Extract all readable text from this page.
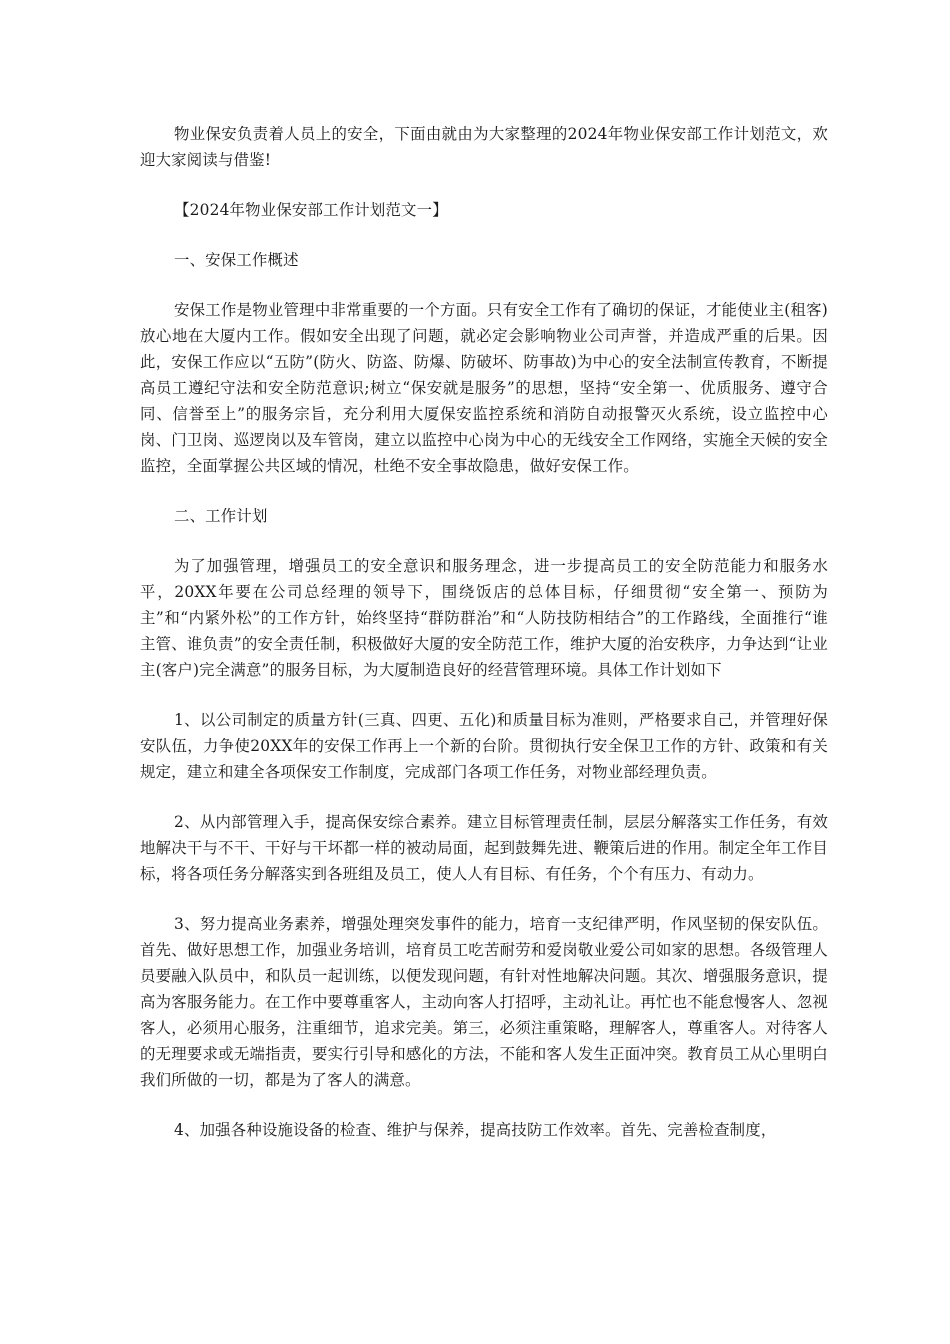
物业保安负责着人员上的安全，下面由就由为大家整理的2024年物业保安部工作计划范文，欢迎大家阅读与借鉴!

【2024年物业保安部工作计划范文一】

一、安保工作概述

安保工作是物业管理中非常重要的一个方面。只有安全工作有了确切的保证，才能使业主(租客)放心地在大厦内工作。假如安全出现了问题，就必定会影响物业公司声誉，并造成严重的后果。因此，安保工作应以“五防”(防火、防盗、防爆、防破坏、防事故)为中心的安全法制宣传教育，不断提高员工遵纪守法和安全防范意识;树立“保安就是服务”的思想，坚持“安全第一、优质服务、遵守合同、信誉至上”的服务宗旨，充分利用大厦保安监控系统和消防自动报警灭火系统，设立监控中心岗、门卫岗、巡逻岗以及车管岗，建立以监控中心岗为中心的无线安全工作网络，实施全天候的安全监控，全面掌握公共区域的情况，杜绝不安全事故隐患，做好安保工作。

二、工作计划

为了加强管理，增强员工的安全意识和服务理念，进一步提高员工的安全防范能力和服务水平，20XX年要在公司总经理的领导下，围绕饭店的总体目标，仔细贯彻“安全第一、预防为主”和“内紧外松”的工作方针，始终坚持“群防群治”和“人防技防相结合”的工作路线，全面推行“谁主管、谁负责”的安全责任制，积极做好大厦的安全防范工作，维护大厦的治安秩序，力争达到“让业主(客户)完全满意”的服务目标，为大厦制造良好的经营管理环境。具体工作计划如下

1、以公司制定的质量方针(三真、四更、五化)和质量目标为准则，严格要求自己，并管理好保安队伍，力争使20XX年的安保工作再上一个新的台阶。贯彻执行安全保卫工作的方针、政策和有关规定，建立和建全各项保安工作制度，完成部门各项工作任务，对物业部经理负责。

2、从内部管理入手，提高保安综合素养。建立目标管理责任制，层层分解落实工作任务，有效地解决干与不干、干好与干坏都一样的被动局面，起到鼓舞先进、鞭策后进的作用。制定全年工作目标，将各项任务分解落实到各班组及员工，使人人有目标、有任务，个个有压力、有动力。

3、努力提高业务素养，增强处理突发事件的能力，培育一支纪律严明，作风坚韧的保安队伍。首先、做好思想工作，加强业务培训，培育员工吃苦耐劳和爱岗敬业爱公司如家的思想。各级管理人员要融入队员中，和队员一起训练，以便发现问题，有针对性地解决问题。其次、增强服务意识，提高为客服务能力。在工作中要尊重客人，主动向客人打招呼，主动礼让。再忙也不能怠慢客人、忽视客人，必须用心服务，注重细节，追求完美。第三，必须注重策略，理解客人，尊重客人。对待客人的无理要求或无端指责，要实行引导和感化的方法，不能和客人发生正面冲突。教育员工从心里明白我们所做的一切，都是为了客人的满意。

4、加强各种设施设备的检查、维护与保养，提高技防工作效率。首先、完善检查制度，
